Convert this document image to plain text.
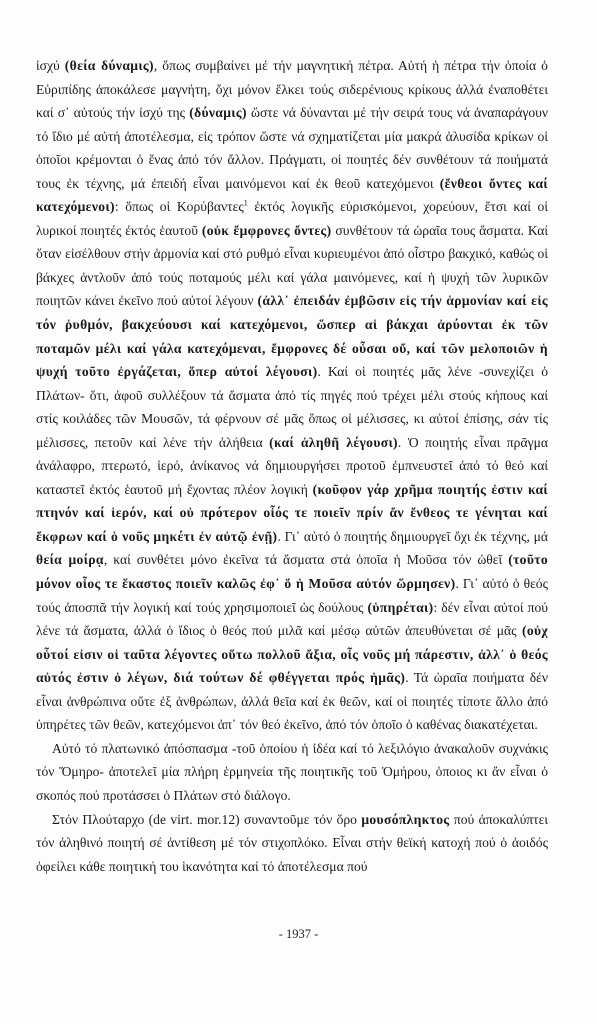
ἰσχύ (θεία δύναμις), ὅπως συμβαίνει μέ τήν μαγνητική πέτρα. Αὐτή ἡ πέτρα τήν ὁποία ὁ Εὐριπίδης ἀποκάλεσε μαγνήτη, ὄχι μόνον ἕλκει τούς σιδερένιους κρίκους ἀλλά ἐναποθέτει καί σ᾿ αὐτούς τήν ἰσχύ της (δύναμις) ὥστε νά δύνανται μέ τήν σειρά τους νά ἀναπαράγουν τό ἴδιο μέ αὐτή ἀποτέλεσμα, εἰς τρόπον ὥστε νά σχηματίζεται μία μακρά ἁλυσίδα κρίκων οἱ ὁποῖοι κρέμονται ὁ ἕνας ἀπό τόν ἄλλον. Πράγματι, οἱ ποιητές δέν συνθέτουν τά ποιήματά τους ἐκ τέχνης, μά ἐπειδή εἶναι μαινόμενοι καί ἐκ θεοῦ κατεχόμενοι (ἔνθεοι ὄντες καί κατεχόμενοι): ὅπως οἱ Κορύβαντες$^1$ ἐκτός λογικῆς εὑρισκόμενοι, χορεύουν, ἔτσι καί οἱ λυρικοί ποιητές ἐκτός ἑαυτοῦ (οὐκ ἔμφρονες ὄντες) συνθέτουν τά ὡραῖα τους ἄσματα. Καί ὅταν εἰσέλθουν στήν ἁρμονία καί στό ρυθμό εἶναι κυριευμένοι ἀπό οἶστρο βακχικό, καθώς οἱ βάκχες ἀντλοῦν ἀπό τούς ποταμούς μέλι καί γάλα μαινόμενες, καί ἡ ψυχή τῶν λυρικῶν ποιητῶν κάνει ἐκεῖνο πού αὐτοί λέγουν (ἀλλ᾿ ἐπειδάν ἐμβῶσιν εἰς τήν ἁρμονίαν καί εἰς τόν ῥυθμόν, βακχεύουσι καί κατεχόμενοι, ὥσπερ αἱ βάκχαι ἀρύονται ἐκ τῶν ποταμῶν μέλι καί γάλα κατεχόμεναι, ἔμφρονες δέ οὖσαι οὔ, καί τῶν μελοποιῶν ἡ ψυχή τοῦτο ἐργάζεται, ὅπερ αὐτοί λέγουσι). Καί οἱ ποιητές μᾶς λένε -συνεχίζει ὁ Πλάτων- ὅτι, ἀφοῦ συλλέξουν τά ἄσματα ἀπό τίς πηγές πού τρέχει μέλι στούς κήπους καί στίς κοιλάδες τῶν Μουσῶν, τά φέρνουν σέ μᾶς ὅπως οἱ μέλισσες, κι αὐτοί ἐπίσης, σάν τίς μέλισσες, πετοῦν καί λένε τήν ἀλήθεια (καί ἀληθῆ λέγουσι). Ὁ ποιητής εἶναι πρᾶγμα ἀνάλαφρο, πτερωτό, ἱερό, ἀνίκανος νά δημιουργήσει προτοῦ ἐμπνευστεῖ ἀπό τό θεό καί καταστεῖ ἐκτός ἑαυτοῦ μή ἔχοντας πλέον λογική (κοῦφον γάρ χρῆμα ποιητής ἐστιν καί πτηνόν καί ἱερόν, καί οὐ πρότερον οἷός τε ποιεῖν πρίν ἄν ἔνθεος τε γένηται καί ἔκφρων καί ὁ νοῦς μηκέτι ἐν αὐτῷ ἐνῇ). Γι᾿ αὐτό ὁ ποιητής δημιουργεῖ ὄχι ἐκ τέχνης, μά θεία μοίρᾳ, καί συνθέτει μόνο ἐκεῖνα τά ἄσματα στά ὁποῖα ἡ Μοῦσα τόν ὠθεῖ (τοῦτο μόνον οἷος τε ἕκαστος ποιεῖν καλῶς ἐφ᾿ ὅ ἡ Μοῦσα αὐτόν ὥρμησεν). Γι᾿ αὐτό ὁ θεός τούς ἀποσπᾶ τήν λογική καί τούς χρησιμοποιεῖ ὡς δούλους (ὑπηρέται): δέν εἶναι αὐτοί πού λένε τά ἄσματα, ἀλλά ὁ ἴδιος ὁ θεός πού μιλᾶ καί μέσῳ αὐτῶν ἀπευθύνεται σέ μᾶς (οὐχ οὗτοί εἰσιν οἱ ταῦτα λέγοντες οὕτω πολλοῦ ἄξια, οἷς νοῦς μή πάρεστιν, ἀλλ᾿ ὁ θεός αὐτός ἐστιν ὁ λέγων, διά τούτων δέ φθέγγεται πρός ἡμᾶς). Τά ὡραῖα ποιήματα δέν εἶναι ἀνθρώπινα οὔτε ἐξ ἀνθρώπων, ἀλλά θεῖα καί ἐκ θεῶν, καί οἱ ποιητές τίποτε ἄλλο ἀπό ὑπηρέτες τῶν θεῶν, κατεχόμενοι ἀπ᾿ τόν θεό ἐκεῖνο, ἀπό τόν ὁποῖο ὁ καθένας διακατέχεται.

Αὐτό τό πλατωνικό ἀπόσπασμα -τοῦ ὁποίου ἡ ἰδέα καί τό λεξιλόγιο ἀνακαλοῦν συχνάκις τόν Ὅμηρο- ἀποτελεῖ μία πλήρη ἑρμηνεία τῆς ποιητικῆς τοῦ Ὁμήρου, ὁποιος κι ἄν εἶναι ὁ σκοπός πού προτάσσει ὁ Πλάτων στό διάλογο.

Στόν Πλούταρχο (de virt. mor.12) συναντοῦμε τόν ὅρο μουσόπληκτος πού ἀποκαλύπτει τόν ἀληθινό ποιητή σέ ἀντίθεση μέ τόν στιχοπλόκο. Εἶναι στήν θεϊκή κατοχή πού ὁ ἀοιδός ὀφείλει κάθε ποιητική του ἱκανότητα καί τό ἀποτέλεσμα πού

- 1937 -
